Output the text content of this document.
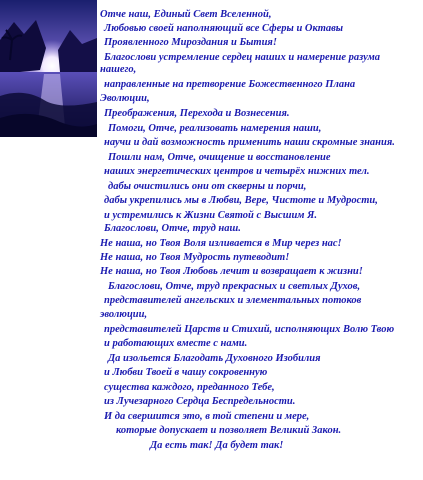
Отче наш, Единый Свет Вселенной,
Любовью своей наполняющий все Сферы и Октавы
Проявленного Мироздания и Бытия!
Благослови устремление сердец наших и намерение разума
нашего,
направленные на претворение Божественного Плана
Эволюции,
Преображения, Перехода и Вознесения.
Помоги, Отче, реализовать намерения наши,
научи и дай возможность применить наши скромные знания.
Пошли нам, Отче, очищение и восстановление
наших энергетических центров и четырёх нижних тел.
дабы очистились они от скверны и порчи,
дабы укрепились мы в Любви, Вере, Чистоте и Мудрости,
и устремились к Жизни Святой с Высшим Я.
Благослови, Отче, труд наш.
Не наша, но Твоя Воля изливается в Мир через нас!
Не наша, но Твоя Мудрость путеводит!
Не наша, но Твоя Любовь лечит и возвращает к жизни!
Благослови, Отче, труд прекрасных и светлых Духов,
представителей ангельских и элементальных потоков
эволюции,
представителей Царств и Стихий, исполняющих Волю Твою
и работающих вместе с нами.
Да изольется Благодать Духовного Изобилия
и Любви Твоей в чашу сокровенную
существа каждого, преданного Тебе,
из Лучезарного Сердца Беспредельности.
И да свершится это, в той степени и мере,
которые допускает и позволяет Великий Закон.
Да есть так! Да будет так!
